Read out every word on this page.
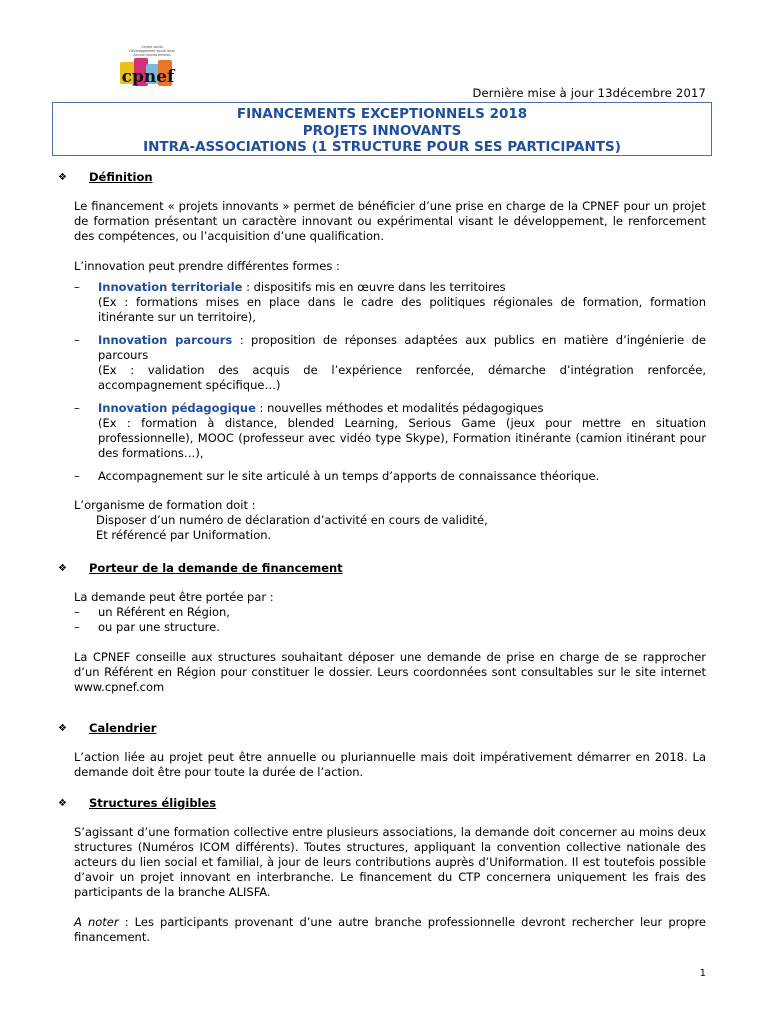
Centre social
Développement social local
Accueil jeunes enfants
cpnef
Dernière mise à jour 13décembre 2017
FINANCEMENTS EXCEPTIONNELS 2018
PROJETS INNOVANTS
INTRA-ASSOCIATIONS (1 STRUCTURE POUR SES PARTICIPANTS)
❖	Définition

Le financement « projets innovants » permet de bénéficier d’une prise en charge de la CPNEF pour un projet de formation présentant un caractère innovant ou expérimental visant le développement, le renforcement des compétences, ou l’acquisition d’une qualification.

L’innovation peut prendre différentes formes :

–	Innovation territoriale : dispositifs mis en œuvre dans les territoires
(Ex : formations mises en place dans le cadre des politiques régionales de formation, formation itinérante sur un territoire),
–	Innovation parcours : proposition de réponses adaptées aux publics en matière d’ingénierie de parcours
(Ex : validation des acquis de l’expérience renforcée, démarche d’intégration renforcée, accompagnement spécifique…)
–	Innovation pédagogique : nouvelles méthodes et modalités pédagogiques
(Ex : formation à distance, blended Learning, Serious Game (jeux pour mettre en situation professionnelle), MOOC (professeur avec vidéo type Skype), Formation itinérante (camion itinérant pour des formations…),
–	Accompagnement sur le site articulé à un temps d’apports de connaissance théorique.

L’organisme de formation doit :

Disposer d’un numéro de déclaration d’activité en cours de validité,
Et référencé par Uniformation.
❖	Porteur de la demande de financement

La demande peut être portée par :

–	un Référent en Région,
–	ou par une structure.

La CPNEF conseille aux structures souhaitant déposer une demande de prise en charge de se rapprocher d’un Référent en Région pour constituer le dossier. Leurs coordonnées sont consultables sur le site internet www.cpnef.com

❖	Calendrier

L’action liée au projet peut être annuelle ou pluriannuelle mais doit impérativement démarrer en 2018. La demande doit être pour toute la durée de l’action.

❖	Structures éligibles

S’agissant d’une formation collective entre plusieurs associations, la demande doit concerner au moins deux structures (Numéros ICOM différents). Toutes structures, appliquant la convention collective nationale des acteurs du lien social et familial, à jour de leurs contributions auprès d’Uniformation. Il est toutefois possible d’avoir un projet innovant en interbranche. Le financement du CTP concernera uniquement les frais des participants de la branche ALISFA.

A noter : Les participants provenant d’une autre branche professionnelle devront rechercher leur propre financement.

1
